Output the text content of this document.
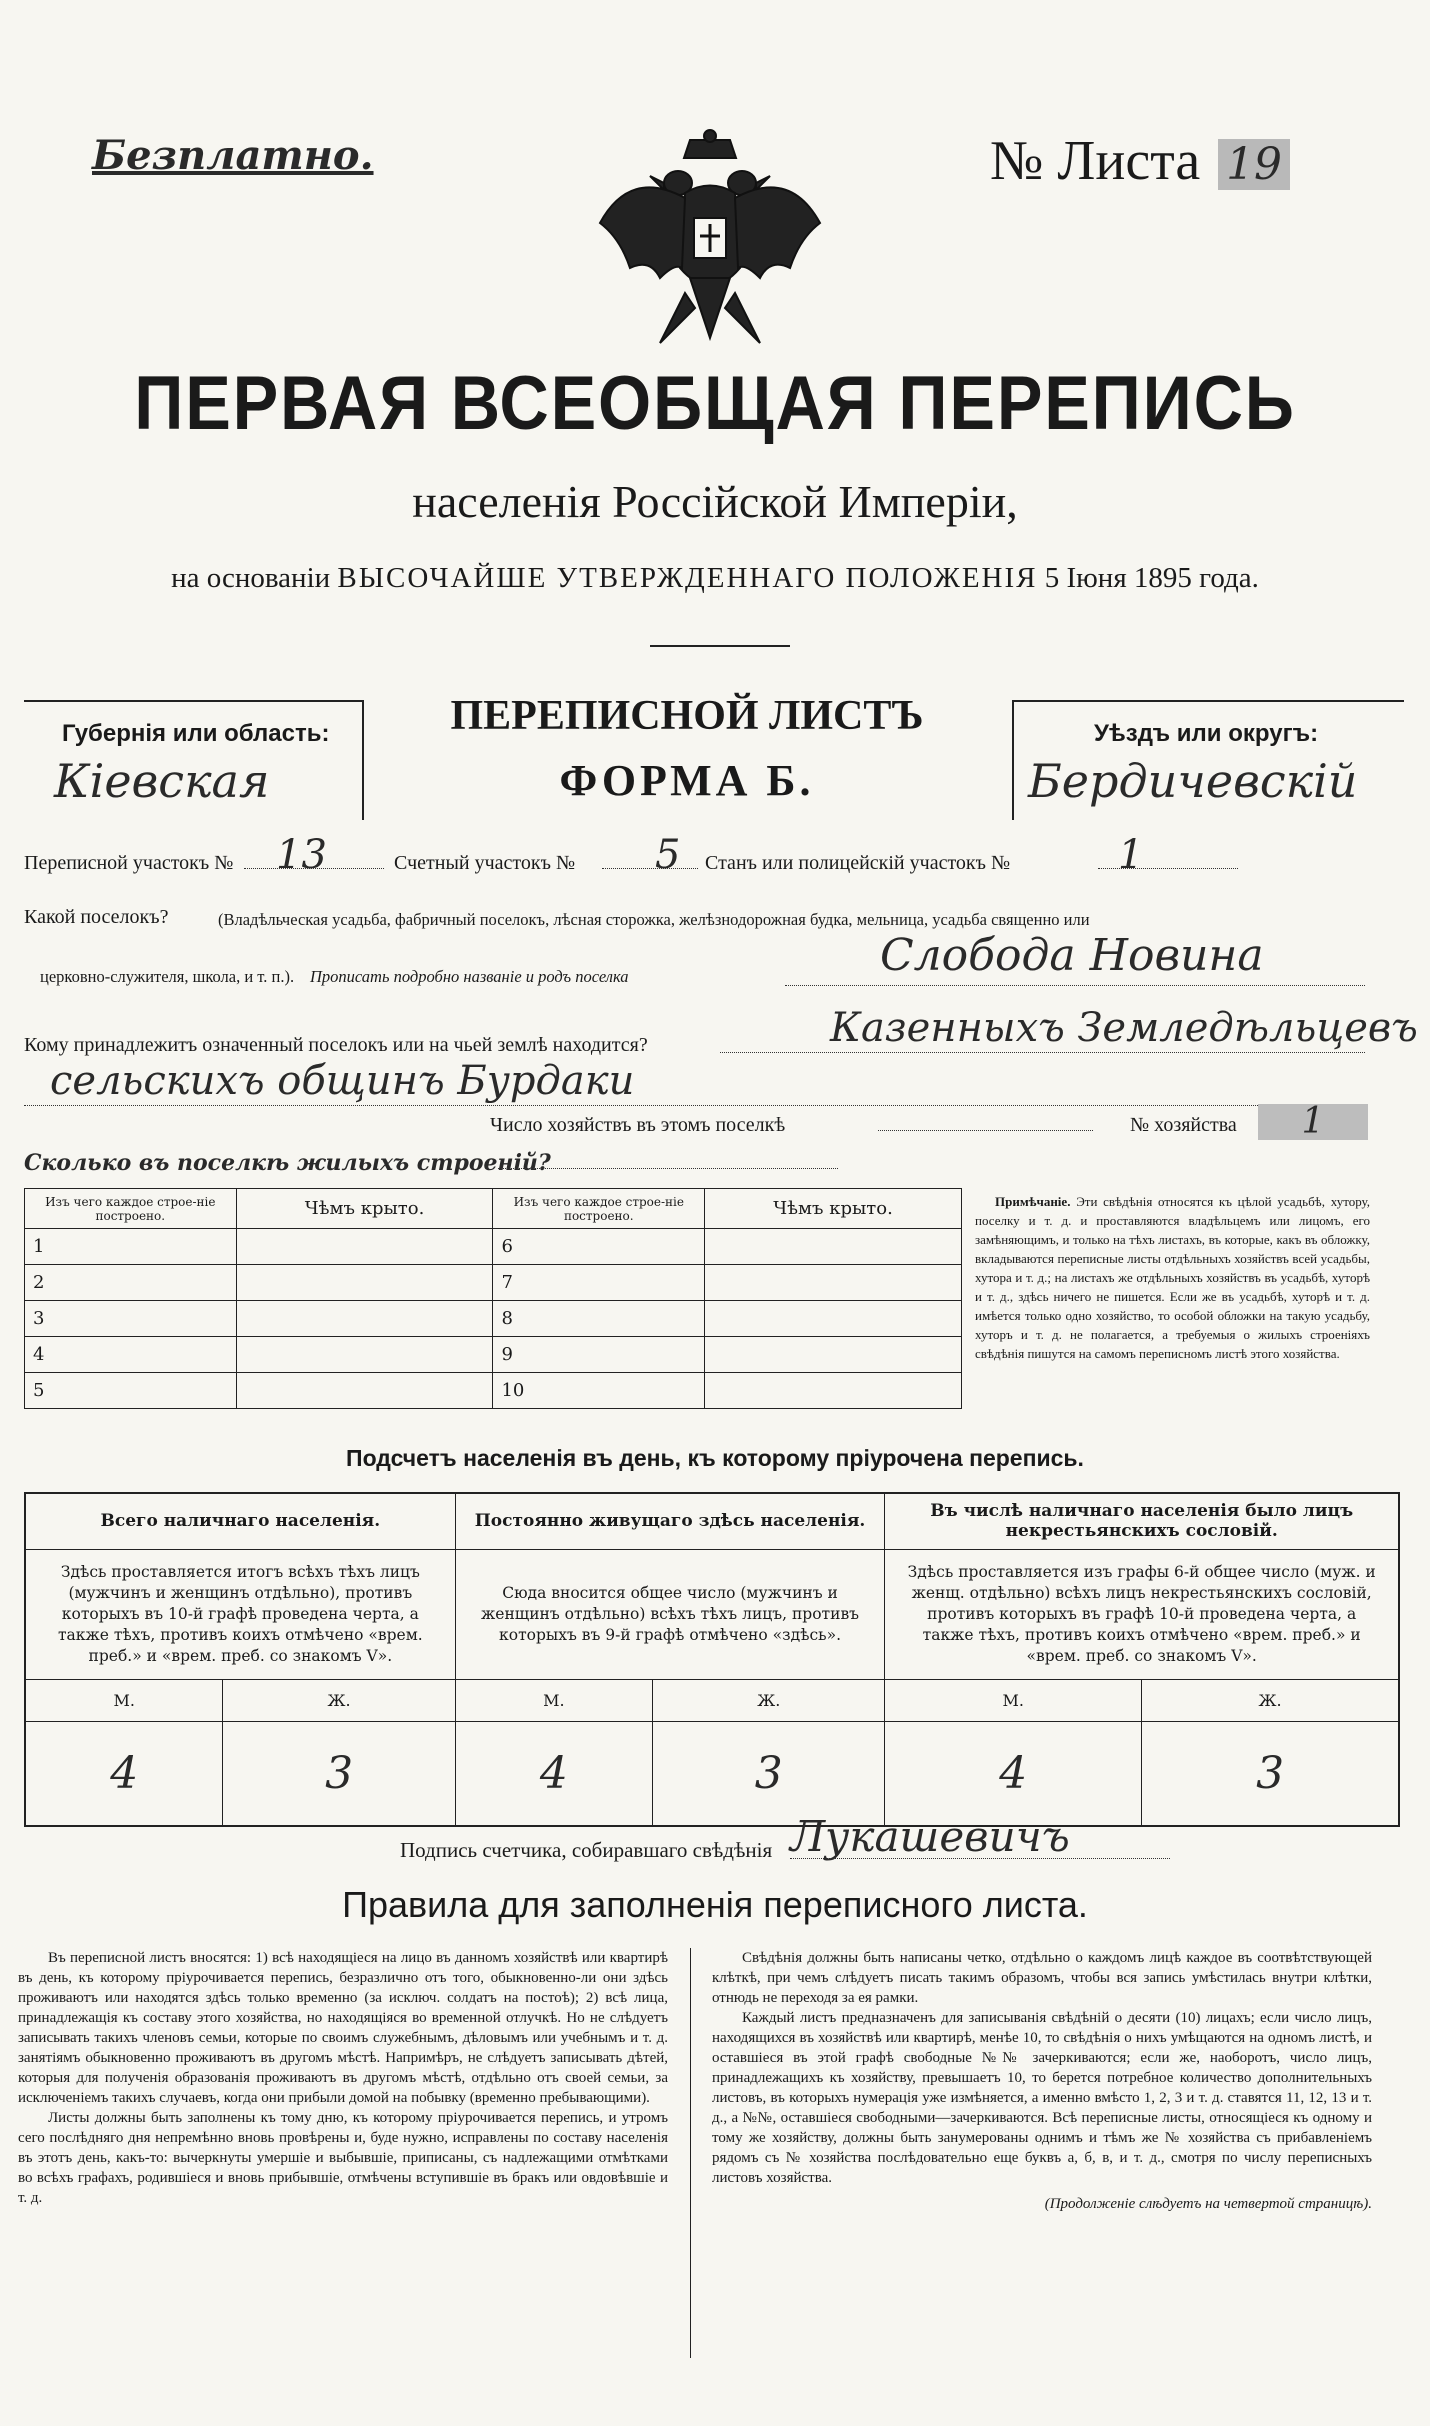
Безплатно.	№ Листа 19
ПЕРВАЯ ВСЕОБЩАЯ ПЕРЕПИСЬ
населенія Россійской Имперіи,
на основаніи ВЫСОЧАЙШЕ УТВЕРЖДЕННАГО ПОЛОЖЕНІЯ 5 Іюня 1895 года.
Губернія или область:
Кіевская
ПЕРЕПИСНОЙ ЛИСТЪ
ФОРМА Б.
Уѣздъ или округъ:
Бердичевскій
Переписной участокъ № 13	Счетный участокъ № 5 Станъ или полицейскій участокъ №	1
Какой поселокъ?	(Владѣльческая усадьба, фабричный поселокъ, лѣсная сторожка, желѣзнодорожная будка, мельница, усадьба священно или
церковно-служителя, школа, и т. п.). Прописать подробно названіе и родъ поселка	Слобода Новина
Кому принадлежитъ означенный поселокъ или на чьей землѣ находится?	Казенныхъ Земледѣльцевъ
сельскихъ общинъ Бурдаки
Число хозяйствъ въ этомъ поселкѣ	№ хозяйства	1
Сколько въ поселкѣ жилыхъ строеній?
Изъ чего каждое строе-ніе построено.	Чѣмъ крыто.	Изъ чего каждое строе-ніе построено.	Чѣмъ крыто.
1		6	
2		7	
3		8	
4		9	
5		10	
Примѣчаніе. Эти свѣдѣнія относятся къ цѣлой усадьбѣ, хутору, поселку и т. д. и проставляются владѣльцемъ или лицомъ, его замѣняющимъ, и только на тѣхъ листахъ, въ которые, какъ въ обложку, вкладываются переписные листы отдѣльныхъ хозяйствъ всей усадьбы, хутора и т. д.; на листахъ же отдѣльныхъ хозяйствъ въ усадьбѣ, хуторѣ и т. д., здѣсь ничего не пишется. Если же въ усадьбѣ, хуторѣ и т. д. имѣется только одно хозяйство, то особой обложки на такую усадьбу, хуторъ и т. д. не полагается, а требуемыя о жилыхъ строеніяхъ свѣдѣнія пишутся на самомъ переписномъ листѣ этого хозяйства.
Подсчетъ населенія въ день, къ которому пріурочена перепись.
Всего наличнаго населенія.		Постоянно живущаго здѣсь населенія.		Въ числѣ наличнаго населенія было лицъ некрестьянскихъ сословій.	
Здѣсь проставляется итогъ всѣхъ тѣхъ лицъ (мужчинъ и женщинъ отдѣльно), противъ которыхъ въ 10-й графѣ проведена черта, а также тѣхъ, противъ коихъ отмѣчено «врем. преб.» и «врем. преб. со знакомъ V».		Сюда вносится общее число (мужчинъ и женщинъ отдѣльно) всѣхъ тѣхъ лицъ, противъ которыхъ въ 9-й графѣ отмѣчено «здѣсь».		Здѣсь проставляется изъ графы 6-й общее число (муж. и женщ. отдѣльно) всѣхъ лицъ некрестьянскихъ сословій, противъ которыхъ въ графѣ 10-й проведена черта, а также тѣхъ, противъ коихъ отмѣчено «врем. преб.» и «врем. преб. со знакомъ V».	
М.	Ж.	М.	Ж.	М.	Ж.
4	3	4	3	4	3
Подпись счетчика, собиравшаго свѣдѣнія Лукашевичъ
Правила для заполненія переписного листа.

Въ переписной листъ вносятся: 1) всѣ находящіеся на лицо въ данномъ хозяйствѣ или квартирѣ въ день, къ которому пріурочивается перепись, безразлично отъ того, обыкновенно-ли они здѣсь проживаютъ или находятся здѣсь только временно (за исключ. солдатъ на постоѣ); 2) всѣ лица, принадлежащія къ составу этого хозяйства, но находящіяся во временной отлучкѣ. Но не слѣдуетъ записывать такихъ членовъ семьи, которые по своимъ служебнымъ, дѣловымъ или учебнымъ и т. д. занятіямъ обыкновенно проживаютъ въ другомъ мѣстѣ. Напримѣръ, не слѣдуетъ записывать дѣтей, которыя для полученія образованія проживаютъ въ другомъ мѣстѣ, отдѣльно отъ своей семьи, за исключеніемъ такихъ случаевъ, когда они прибыли домой на побывку (временно пребывающими).

Листы должны быть заполнены къ тому дню, къ которому пріурочивается перепись, и утромъ сего послѣдняго дня непремѣнно вновь провѣрены и, буде нужно, исправлены по составу населенія въ этотъ день, какъ-то: вычеркнуты умершіе и выбывшіе, приписаны, съ надлежащими отмѣтками во всѣхъ графахъ, родившіеся и вновь прибывшіе, отмѣчены вступившіе въ бракъ или овдовѣвшіе и т. д.

Свѣдѣнія должны быть написаны четко, отдѣльно о каждомъ лицѣ каждое въ соотвѣтствующей клѣткѣ, при чемъ слѣдуетъ писать такимъ образомъ, чтобы вся запись умѣстилась внутри клѣтки, отнюдь не переходя за ея рамки.

Каждый листъ предназначенъ для записыванія свѣдѣній о десяти (10) лицахъ; если число лицъ, находящихся въ хозяйствѣ или квартирѣ, менѣе 10, то свѣдѣнія о нихъ умѣщаются на одномъ листѣ, и оставшіеся въ этой графѣ свободные №№ зачеркиваются; если же, наоборотъ, число лицъ, принадлежащихъ къ хозяйству, превышаетъ 10, то берется потребное количество дополнительныхъ листовъ, въ которыхъ нумерація уже измѣняется, а именно вмѣсто 1, 2, 3 и т. д. ставятся 11, 12, 13 и т. д., а №№, оставшіеся свободными—зачеркиваются. Всѣ переписные листы, относящіеся къ одному и тому же хозяйству, должны быть занумерованы однимъ и тѣмъ же № хозяйства съ прибавленіемъ рядомъ съ № хозяйства послѣдовательно еще буквъ а, б, в, и т. д., смотря по числу переписныхъ листовъ хозяйства.

(Продолженіе слѣдуетъ на четвертой страницѣ).
